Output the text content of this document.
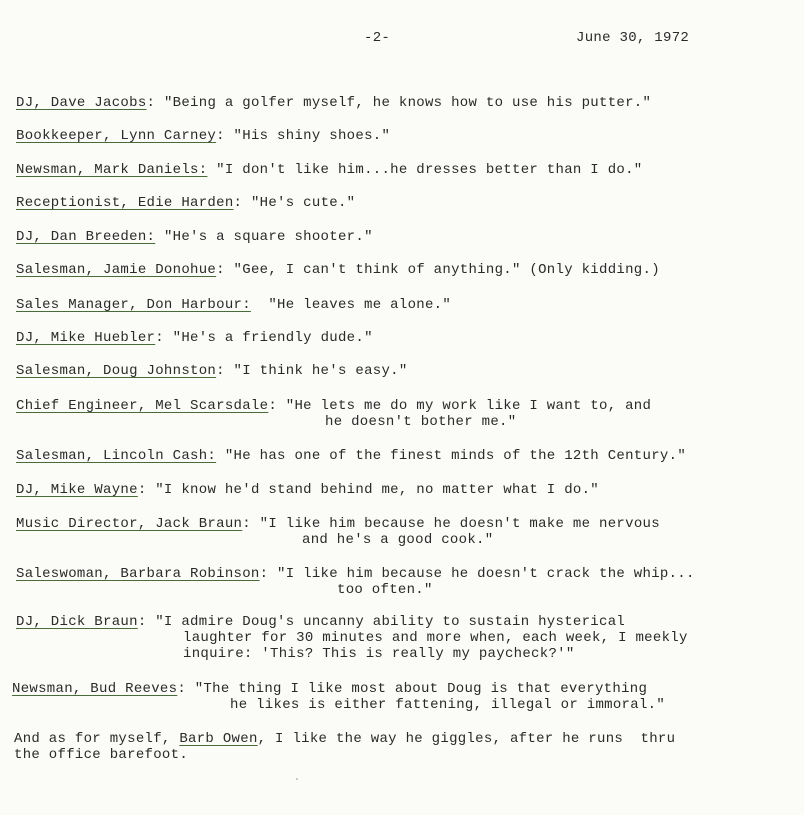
-2-	June 30, 1972
DJ, Dave Jacobs: "Being a golfer myself, he knows how to use his putter."
Bookkeeper, Lynn Carney: "His shiny shoes."
Newsman, Mark Daniels: "I don't like him...he dresses better than I do."
Receptionist, Edie Harden: "He's cute."
DJ, Dan Breeden: "He's a square shooter."
Salesman, Jamie Donohue: "Gee, I can't think of anything." (Only kidding.)
Sales Manager, Don Harbour: "He leaves me alone."
DJ, Mike Huebler: "He's a friendly dude."
Salesman, Doug Johnston: "I think he's easy."
Chief Engineer, Mel Scarsdale: "He lets me do my work like I want to, and
he doesn't bother me."
Salesman, Lincoln Cash: "He has one of the finest minds of the 12th Century."
DJ, Mike Wayne: "I know he'd stand behind me, no matter what I do."
Music Director, Jack Braun: "I like him because he doesn't make me nervous
and he's a good cook."
Saleswoman, Barbara Robinson: "I like him because he doesn't crack the whip...
too often."
DJ, Dick Braun: "I admire Doug's uncanny ability to sustain hysterical
laughter for 30 minutes and more when, each week, I meekly
inquire: 'This? This is really my paycheck?'"
Newsman, Bud Reeves: "The thing I like most about Doug is that everything
he likes is either fattening, illegal or immoral."
And as for myself, Barb Owen, I like the way he giggles, after he runs  thru
the office barefoot.
